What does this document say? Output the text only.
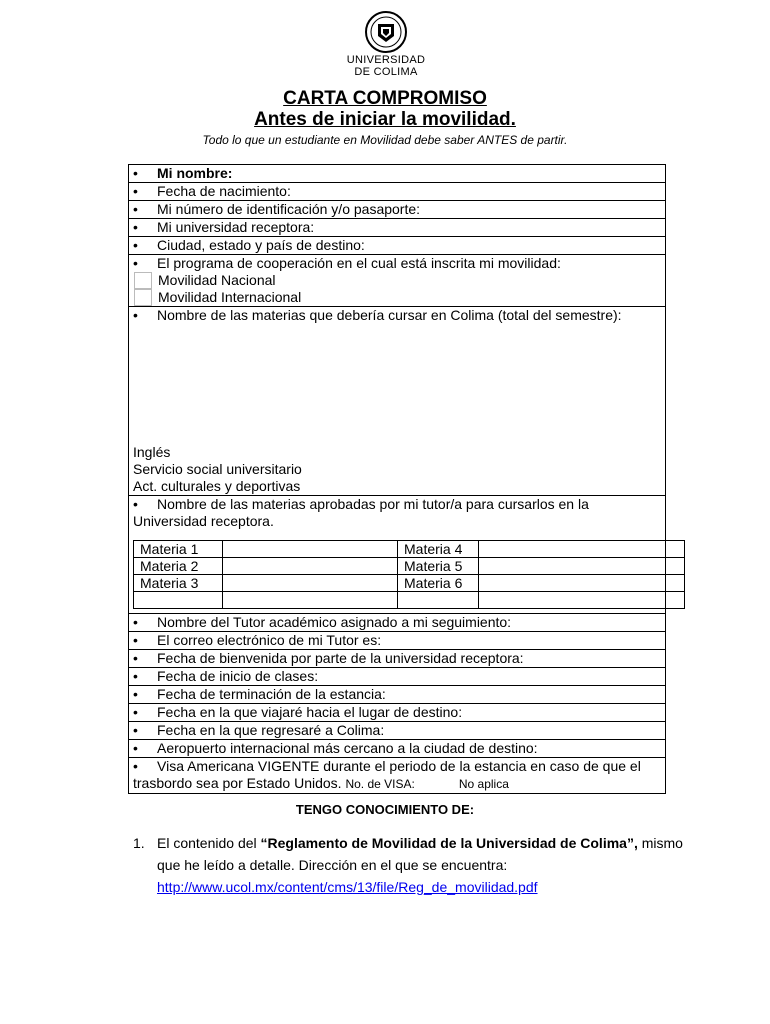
UNIVERSIDAD
DE COLIMA
CARTA COMPROMISO
Antes de iniciar la movilidad.
Todo lo que un estudiante en Movilidad debe saber ANTES de partir.
• Mi nombre:
• Fecha de nacimiento:
• Mi número de identificación y/o pasaporte:
• Mi universidad receptora:
• Ciudad, estado y país de destino:
• El programa de cooperación en el cual está inscrita mi movilidad:
Movilidad Nacional
Movilidad Internacional
• Nombre de las materias que debería cursar en Colima (total del semestre):
Inglés
Servicio social universitario
Act. culturales y deportivas
• Nombre de las materias aprobadas por mi tutor/a para cursarlos en la Universidad receptora.
Materia 1		Materia 4	
Materia 2		Materia 5	
Materia 3		Materia 6	

• Nombre del Tutor académico asignado a mi seguimiento:
• El correo electrónico de mi Tutor es:
• Fecha de bienvenida por parte de la universidad receptora:
• Fecha de inicio de clases:
• Fecha de terminación de la estancia:
• Fecha en la que viajaré hacia el lugar de destino:
• Fecha en la que regresaré a Colima:
• Aeropuerto internacional más cercano a la ciudad de destino:
• Visa Americana VIGENTE durante el periodo de la estancia en caso de que el trasbordo sea por Estado Unidos. No. de VISA:	No aplica
TENGO CONOCIMIENTO DE:
1. El contenido del “Reglamento de Movilidad de la Universidad de Colima”, mismo que he leído a detalle. Dirección en el que se encuentra: http://www.ucol.mx/content/cms/13/file/Reg_de_movilidad.pdf
